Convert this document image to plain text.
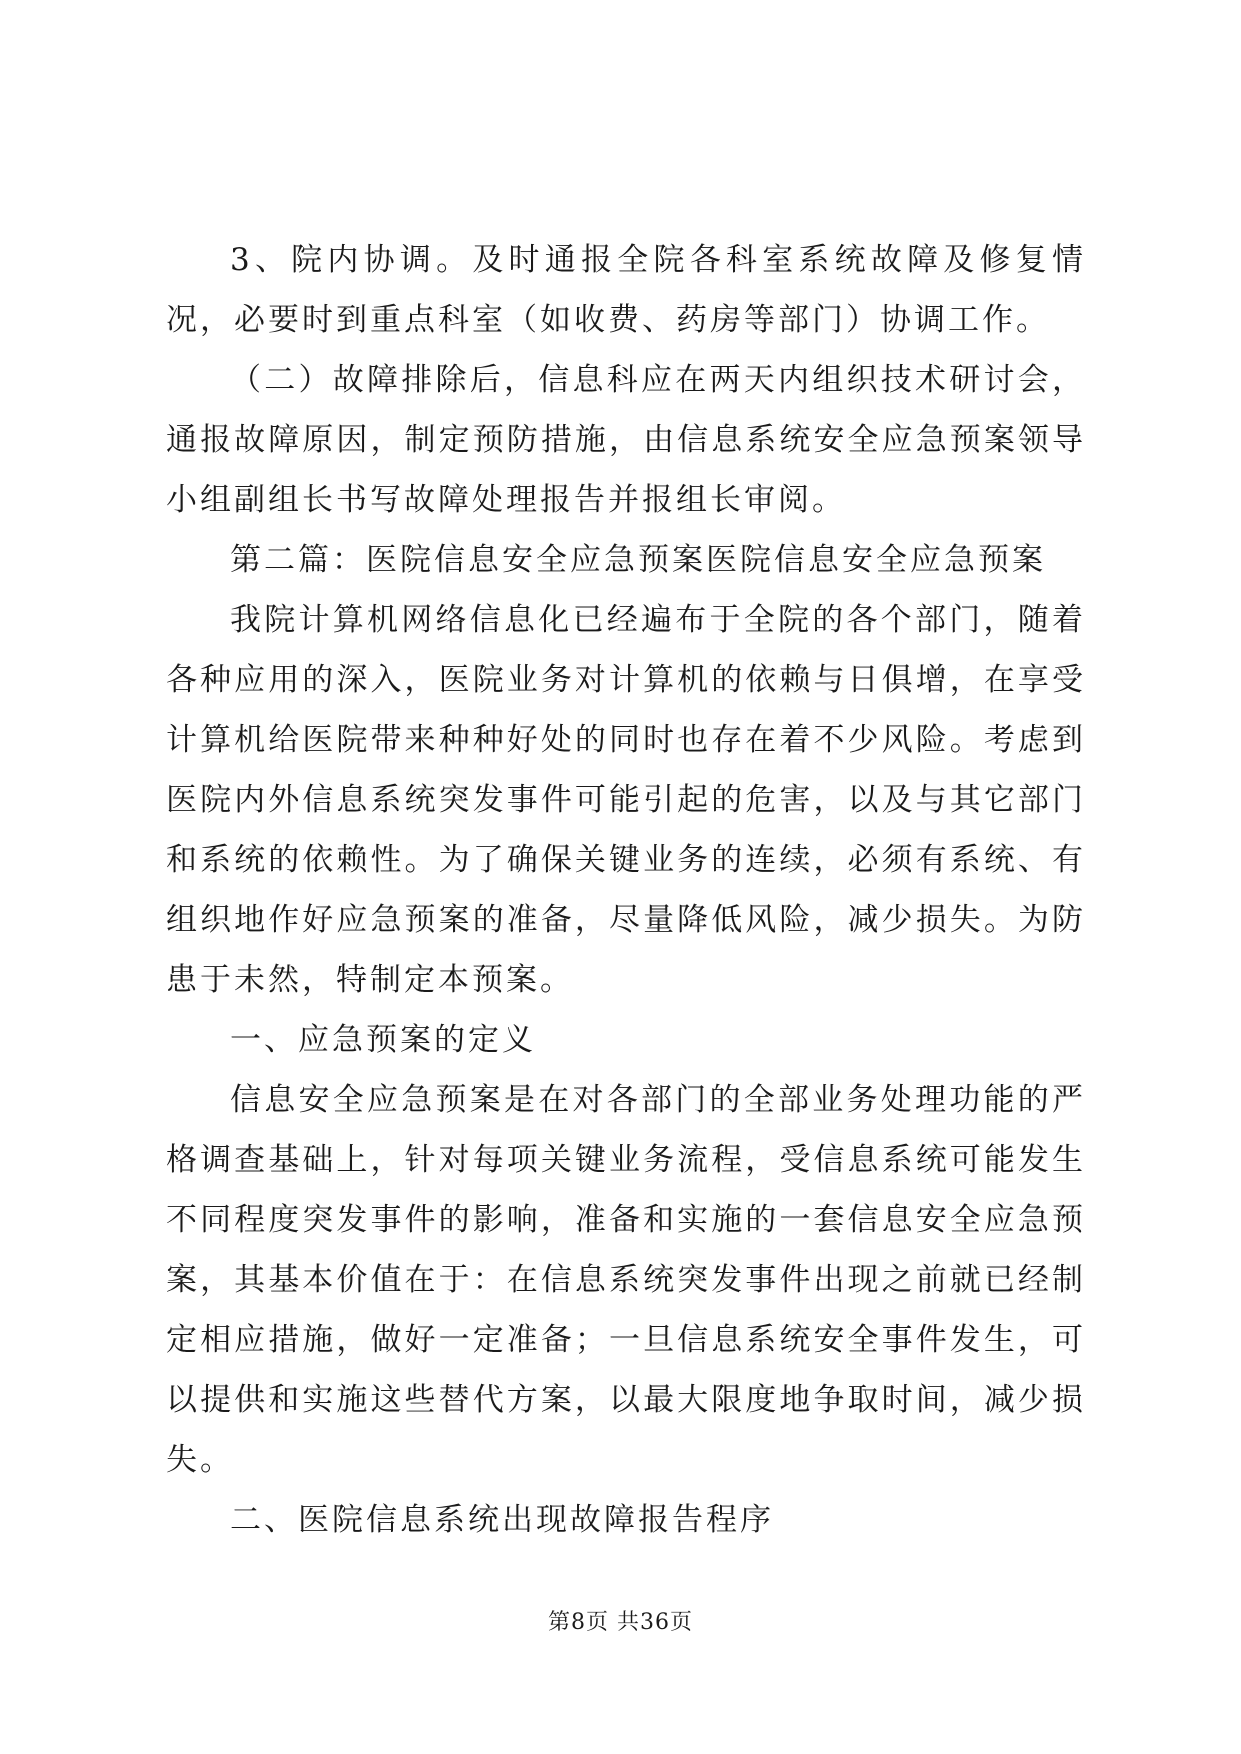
3、院内协调。及时通报全院各科室系统故障及修复情况，必要时到重点科室（如收费、药房等部门）协调工作。

（二）故障排除后，信息科应在两天内组织技术研讨会，通报故障原因，制定预防措施，由信息系统安全应急预案领导小组副组长书写故障处理报告并报组长审阅。

第二篇：医院信息安全应急预案医院信息安全应急预案

我院计算机网络信息化已经遍布于全院的各个部门，随着各种应用的深入，医院业务对计算机的依赖与日俱增，在享受计算机给医院带来种种好处的同时也存在着不少风险。考虑到医院内外信息系统突发事件可能引起的危害，以及与其它部门和系统的依赖性。为了确保关键业务的连续，必须有系统、有组织地作好应急预案的准备，尽量降低风险，减少损失。为防患于未然，特制定本预案。

一、应急预案的定义

信息安全应急预案是在对各部门的全部业务处理功能的严格调查基础上，针对每项关键业务流程，受信息系统可能发生不同程度突发事件的影响，准备和实施的一套信息安全应急预案，其基本价值在于：在信息系统突发事件出现之前就已经制定相应措施，做好一定准备；一旦信息系统安全事件发生，可以提供和实施这些替代方案，以最大限度地争取时间，减少损失。

二、医院信息系统出现故障报告程序

第8页 共36页
